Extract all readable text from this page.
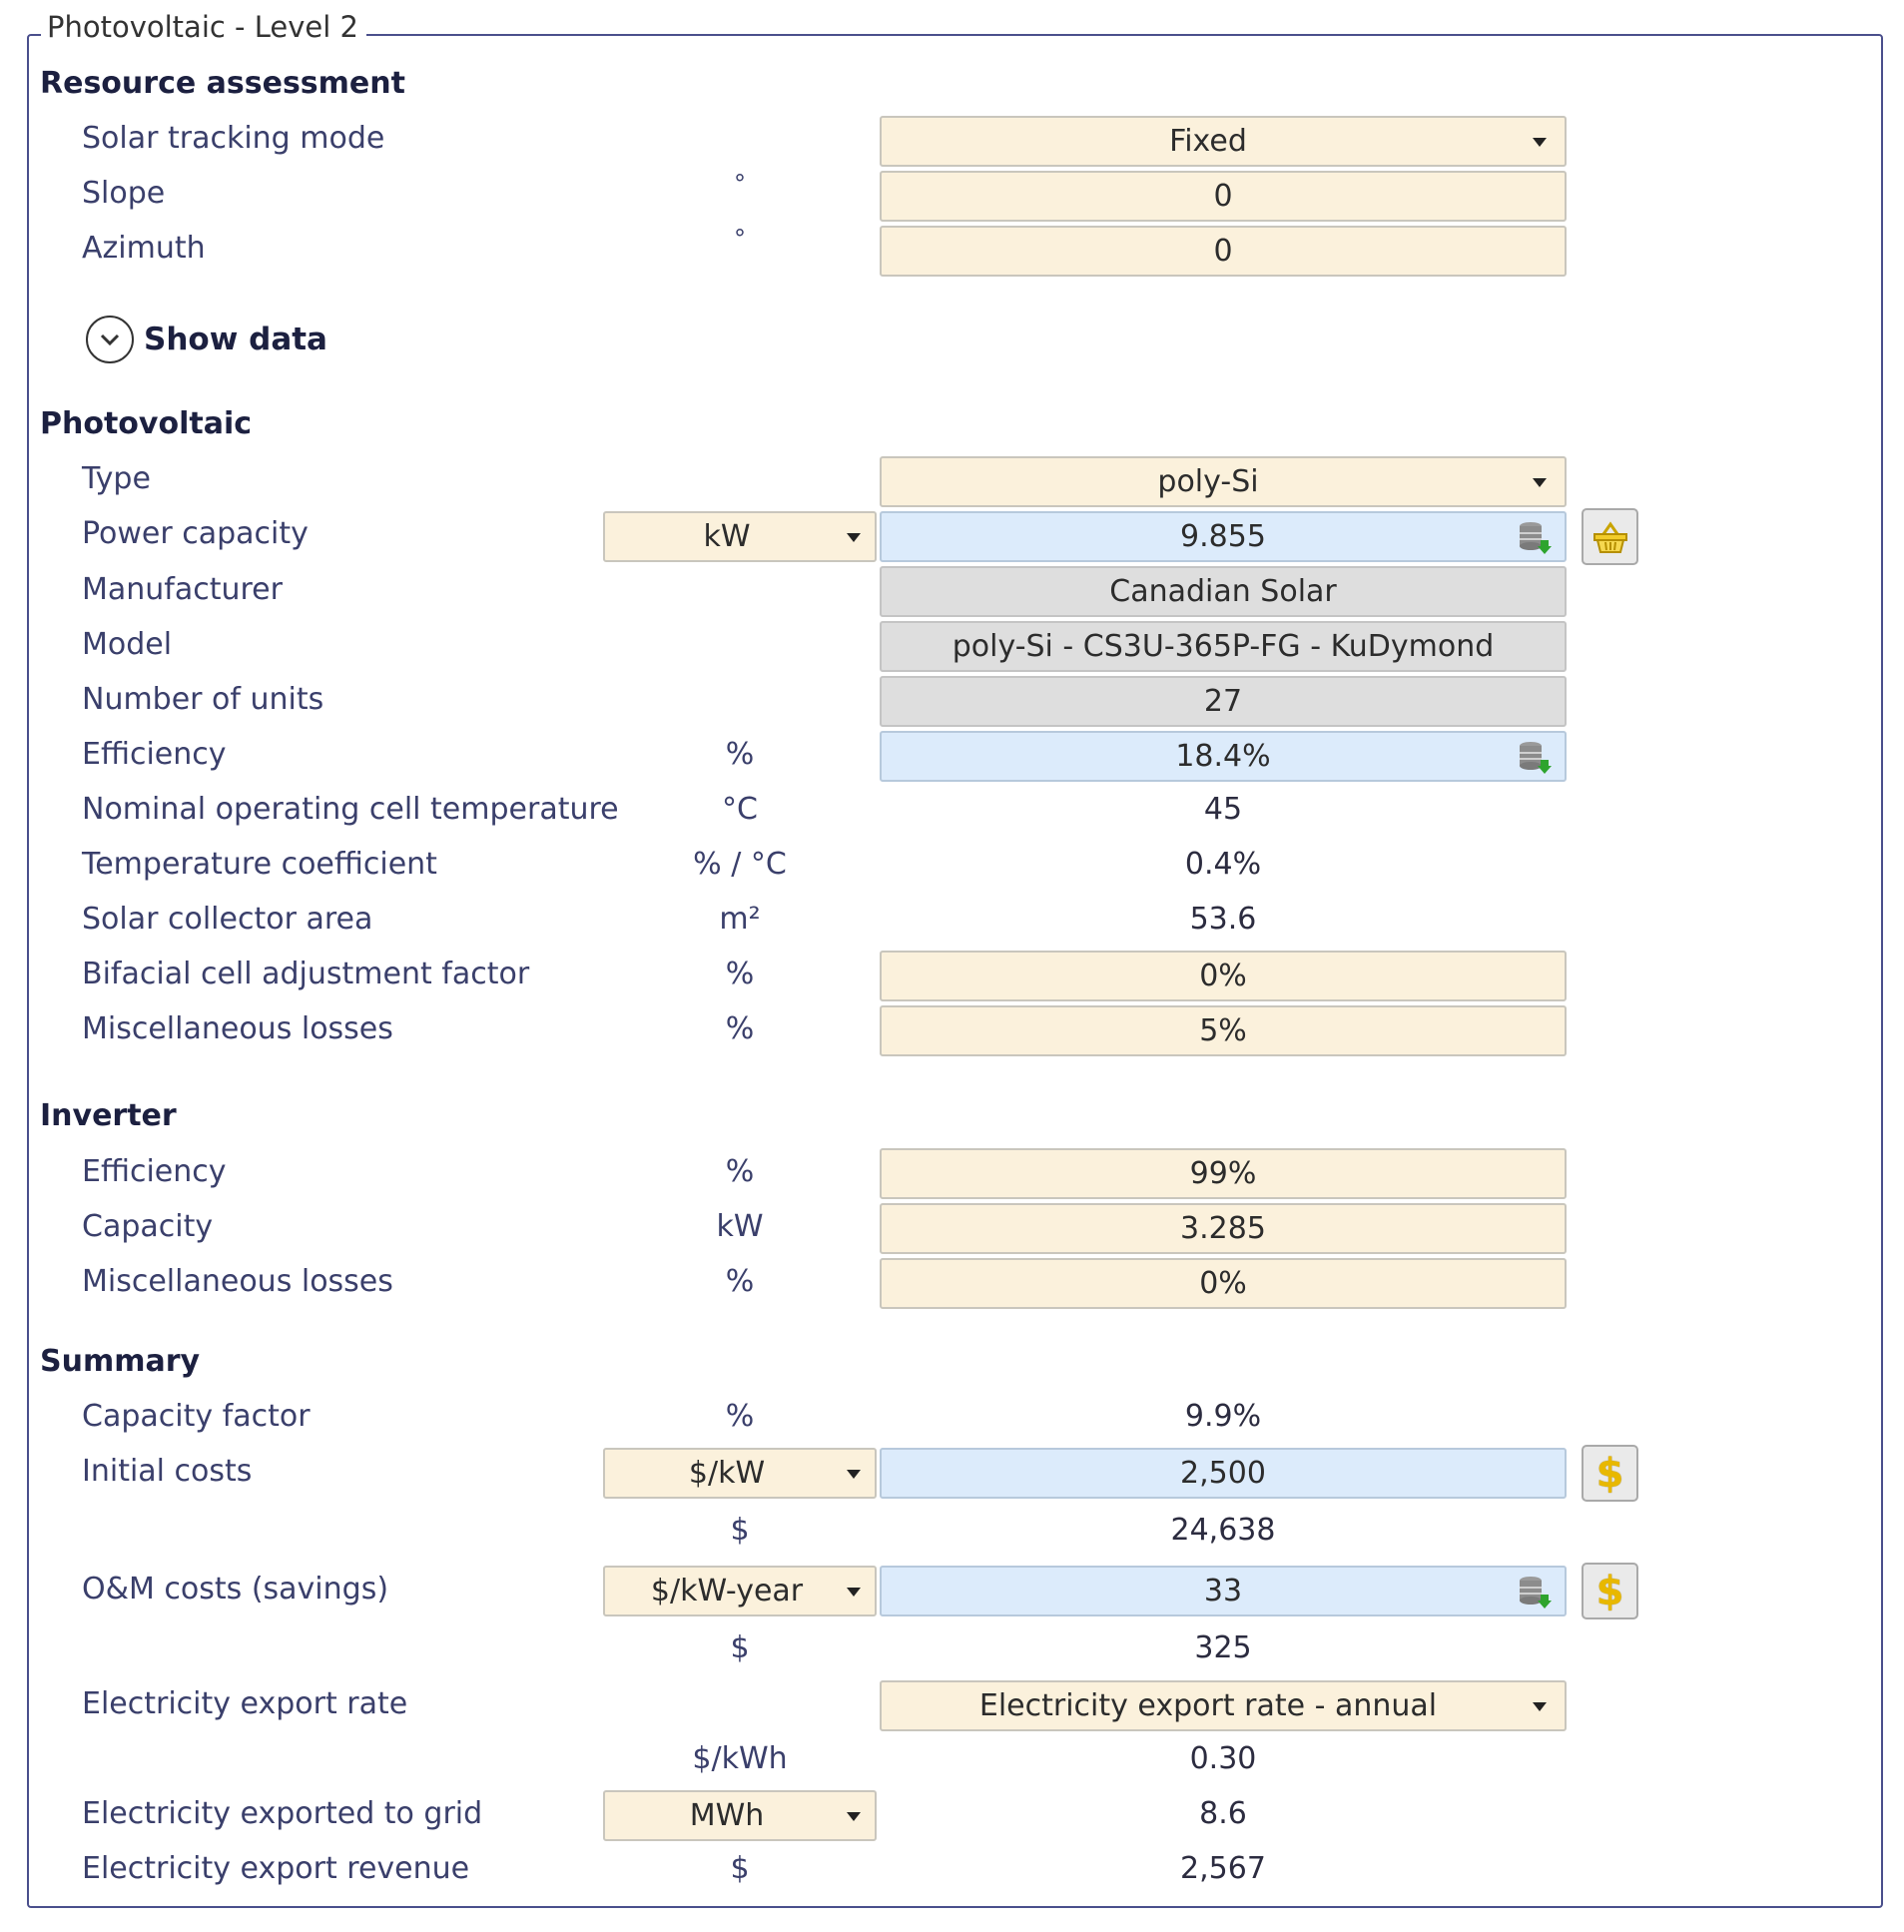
Photovoltaic - Level 2
Resource assessment
Solar tracking mode	Fixed
Slope	°	0
Azimuth	°	0
Show data
Photovoltaic
Type	poly-Si
Power capacity	kW	9.855
Manufacturer	Canadian Solar
Model	poly-Si - CS3U-365P-FG - KuDymond
Number of units	27
Efficiency	%	18.4%
Nominal operating cell temperature	°C	45
Temperature coefficient	% / °C	0.4%
Solar collector area	m²	53.6
Bifacial cell adjustment factor	%	0%
Miscellaneous losses	%	5%
Inverter
Efficiency	%	99%
Capacity	kW	3.285
Miscellaneous losses	%	0%
Summary
Capacity factor	%	9.9%
Initial costs	$/kW	2,500	$
$	24,638
O&M costs (savings)	$/kW-year	33	$
$	325
Electricity export rate	Electricity export rate - annual
$/kWh	0.30
Electricity exported to grid	MWh	8.6
Electricity export revenue	$	2,567
